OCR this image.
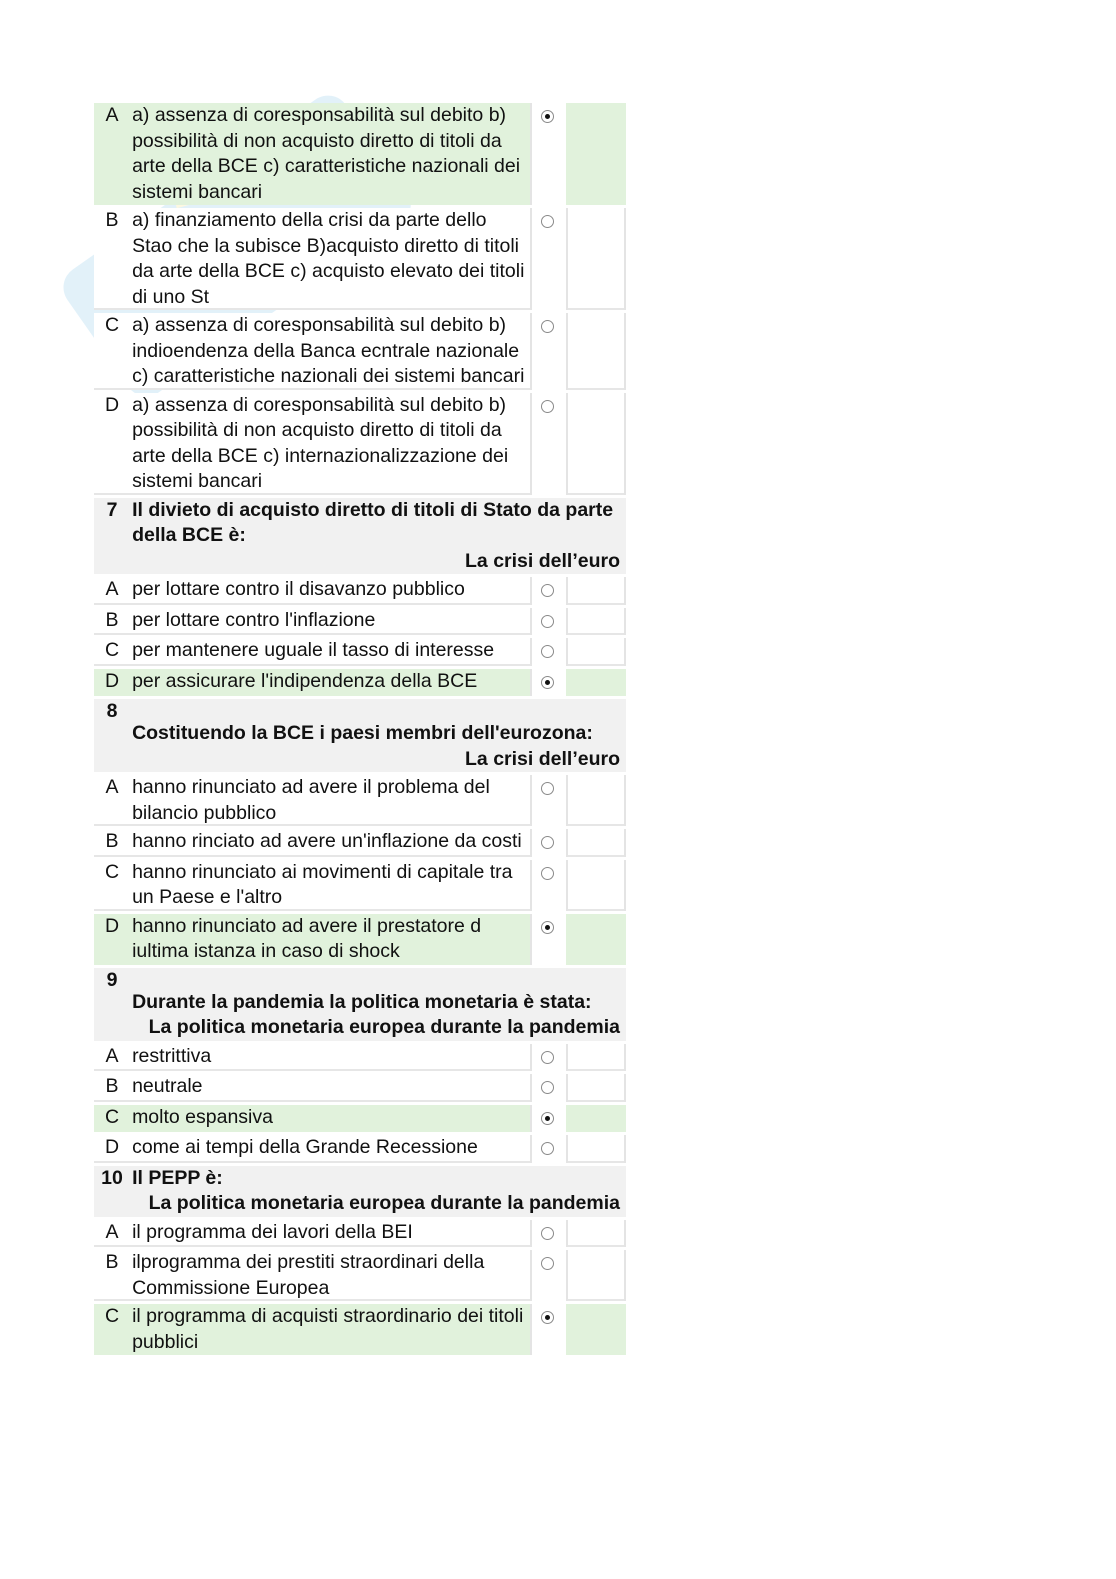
A	a) assenza di coresponsabilità sul debito b) possibilità di non acquisto diretto di titoli da arte della BCE c) caratteristiche nazionali dei sistemi bancari		
B	a) finanziamento della crisi da parte dello Stao che la subisce B)acquisto diretto di titoli da arte della BCE c) acquisto elevato dei titoli di uno St		
C	a) assenza di coresponsabilità sul debito b) indioendenza della Banca ecntrale nazionale c) caratteristiche nazionali dei sistemi bancari		
D	a) assenza di coresponsabilità sul debito b) possibilità di non acquisto diretto di titoli da arte della BCE c) internazionalizzazione dei sistemi bancari		
7	Il divieto di acquisto diretto di titoli di Stato da parte della BCE è:
La crisi dell’euro		

A	per lottare contro il disavanzo pubblico		
B	per lottare contro l'inflazione		
C	per mantenere uguale il tasso di interesse		
D	per assicurare l'indipendenza della BCE		
8	Costituendo la BCE i paesi membri dell'eurozona:
La crisi dell’euro		

A	hanno rinunciato ad avere il problema del bilancio pubblico		
B	hanno rinciato ad avere un'inflazione da costi		
C	hanno rinunciato ai movimenti di capitale tra un Paese e l'altro		
D	hanno rinunciato ad avere il prestatore d iultima istanza in caso di shock		
9	Durante la pandemia la politica monetaria è stata:
La politica monetaria europea durante la pandemia		

A	restrittiva		
B	neutrale		
C	molto espansiva		
D	come ai tempi della Grande Recessione		
10	Il PEPP è:
La politica monetaria europea durante la pandemia		

A	il programma dei lavori della BEI		
B	ilprogramma dei prestiti straordinari della Commissione Europea		
C	il programma di acquisti straordinario dei titoli pubblici		
